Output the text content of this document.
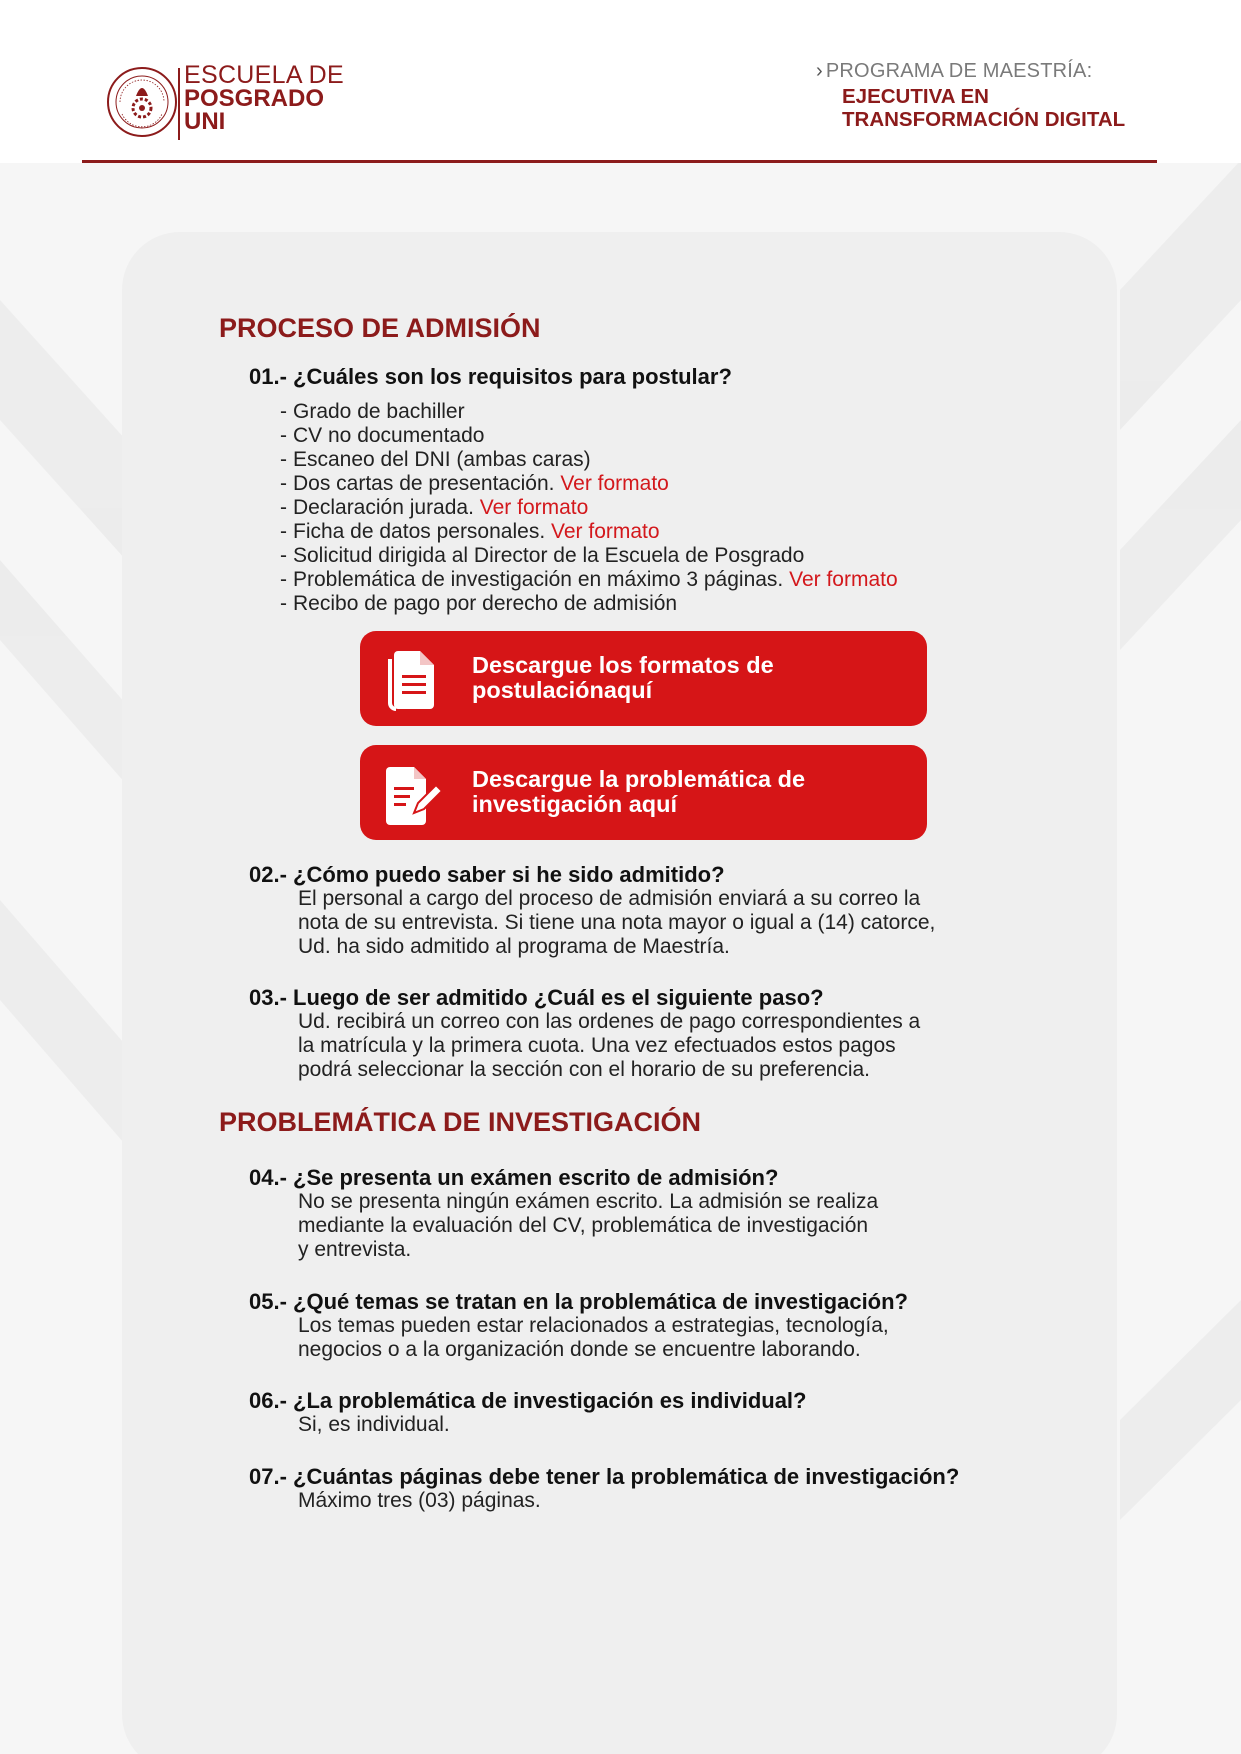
ESCUELA DE
POSGRADO
UNI
› PROGRAMA DE MAESTRÍA:
EJECUTIVA EN
TRANSFORMACIÓN DIGITAL
PROCESO DE ADMISIÓN
01.- ¿Cuáles son los requisitos para postular?
- Grado de bachiller
- CV no documentado
- Escaneo del DNI (ambas caras)
- Dos cartas de presentación. Ver formato
- Declaración jurada. Ver formato
- Ficha de datos personales. Ver formato
- Solicitud dirigida al Director de la Escuela de Posgrado
- Problemática de investigación en máximo 3 páginas. Ver formato
- Recibo de pago por derecho de admisión
Descargue los formatos de
postulaciónaquí
Descargue la problemática de
investigación aquí
02.- ¿Cómo puedo saber si he sido admitido?
El personal a cargo del proceso de admisión enviará a su correo la
nota de su entrevista. Si tiene una nota mayor o igual a (14) catorce,
Ud. ha sido admitido al programa de Maestría.
03.- Luego de ser admitido ¿Cuál es el siguiente paso?
Ud. recibirá un correo con las ordenes de pago correspondientes a
la matrícula y la primera cuota. Una vez efectuados estos pagos
podrá seleccionar la sección con el horario de su preferencia.
PROBLEMÁTICA DE INVESTIGACIÓN
04.- ¿Se presenta un exámen escrito de admisión?
No se presenta ningún exámen escrito. La admisión se realiza
mediante la evaluación del CV, problemática de investigación
y entrevista.
05.- ¿Qué temas se tratan en la problemática de investigación?
Los temas pueden estar relacionados a estrategias, tecnología,
negocios o a la organización donde se encuentre laborando.
06.- ¿La problemática de investigación es individual?
Si, es individual.
07.- ¿Cuántas páginas debe tener la problemática de investigación?
Máximo tres (03) páginas.
